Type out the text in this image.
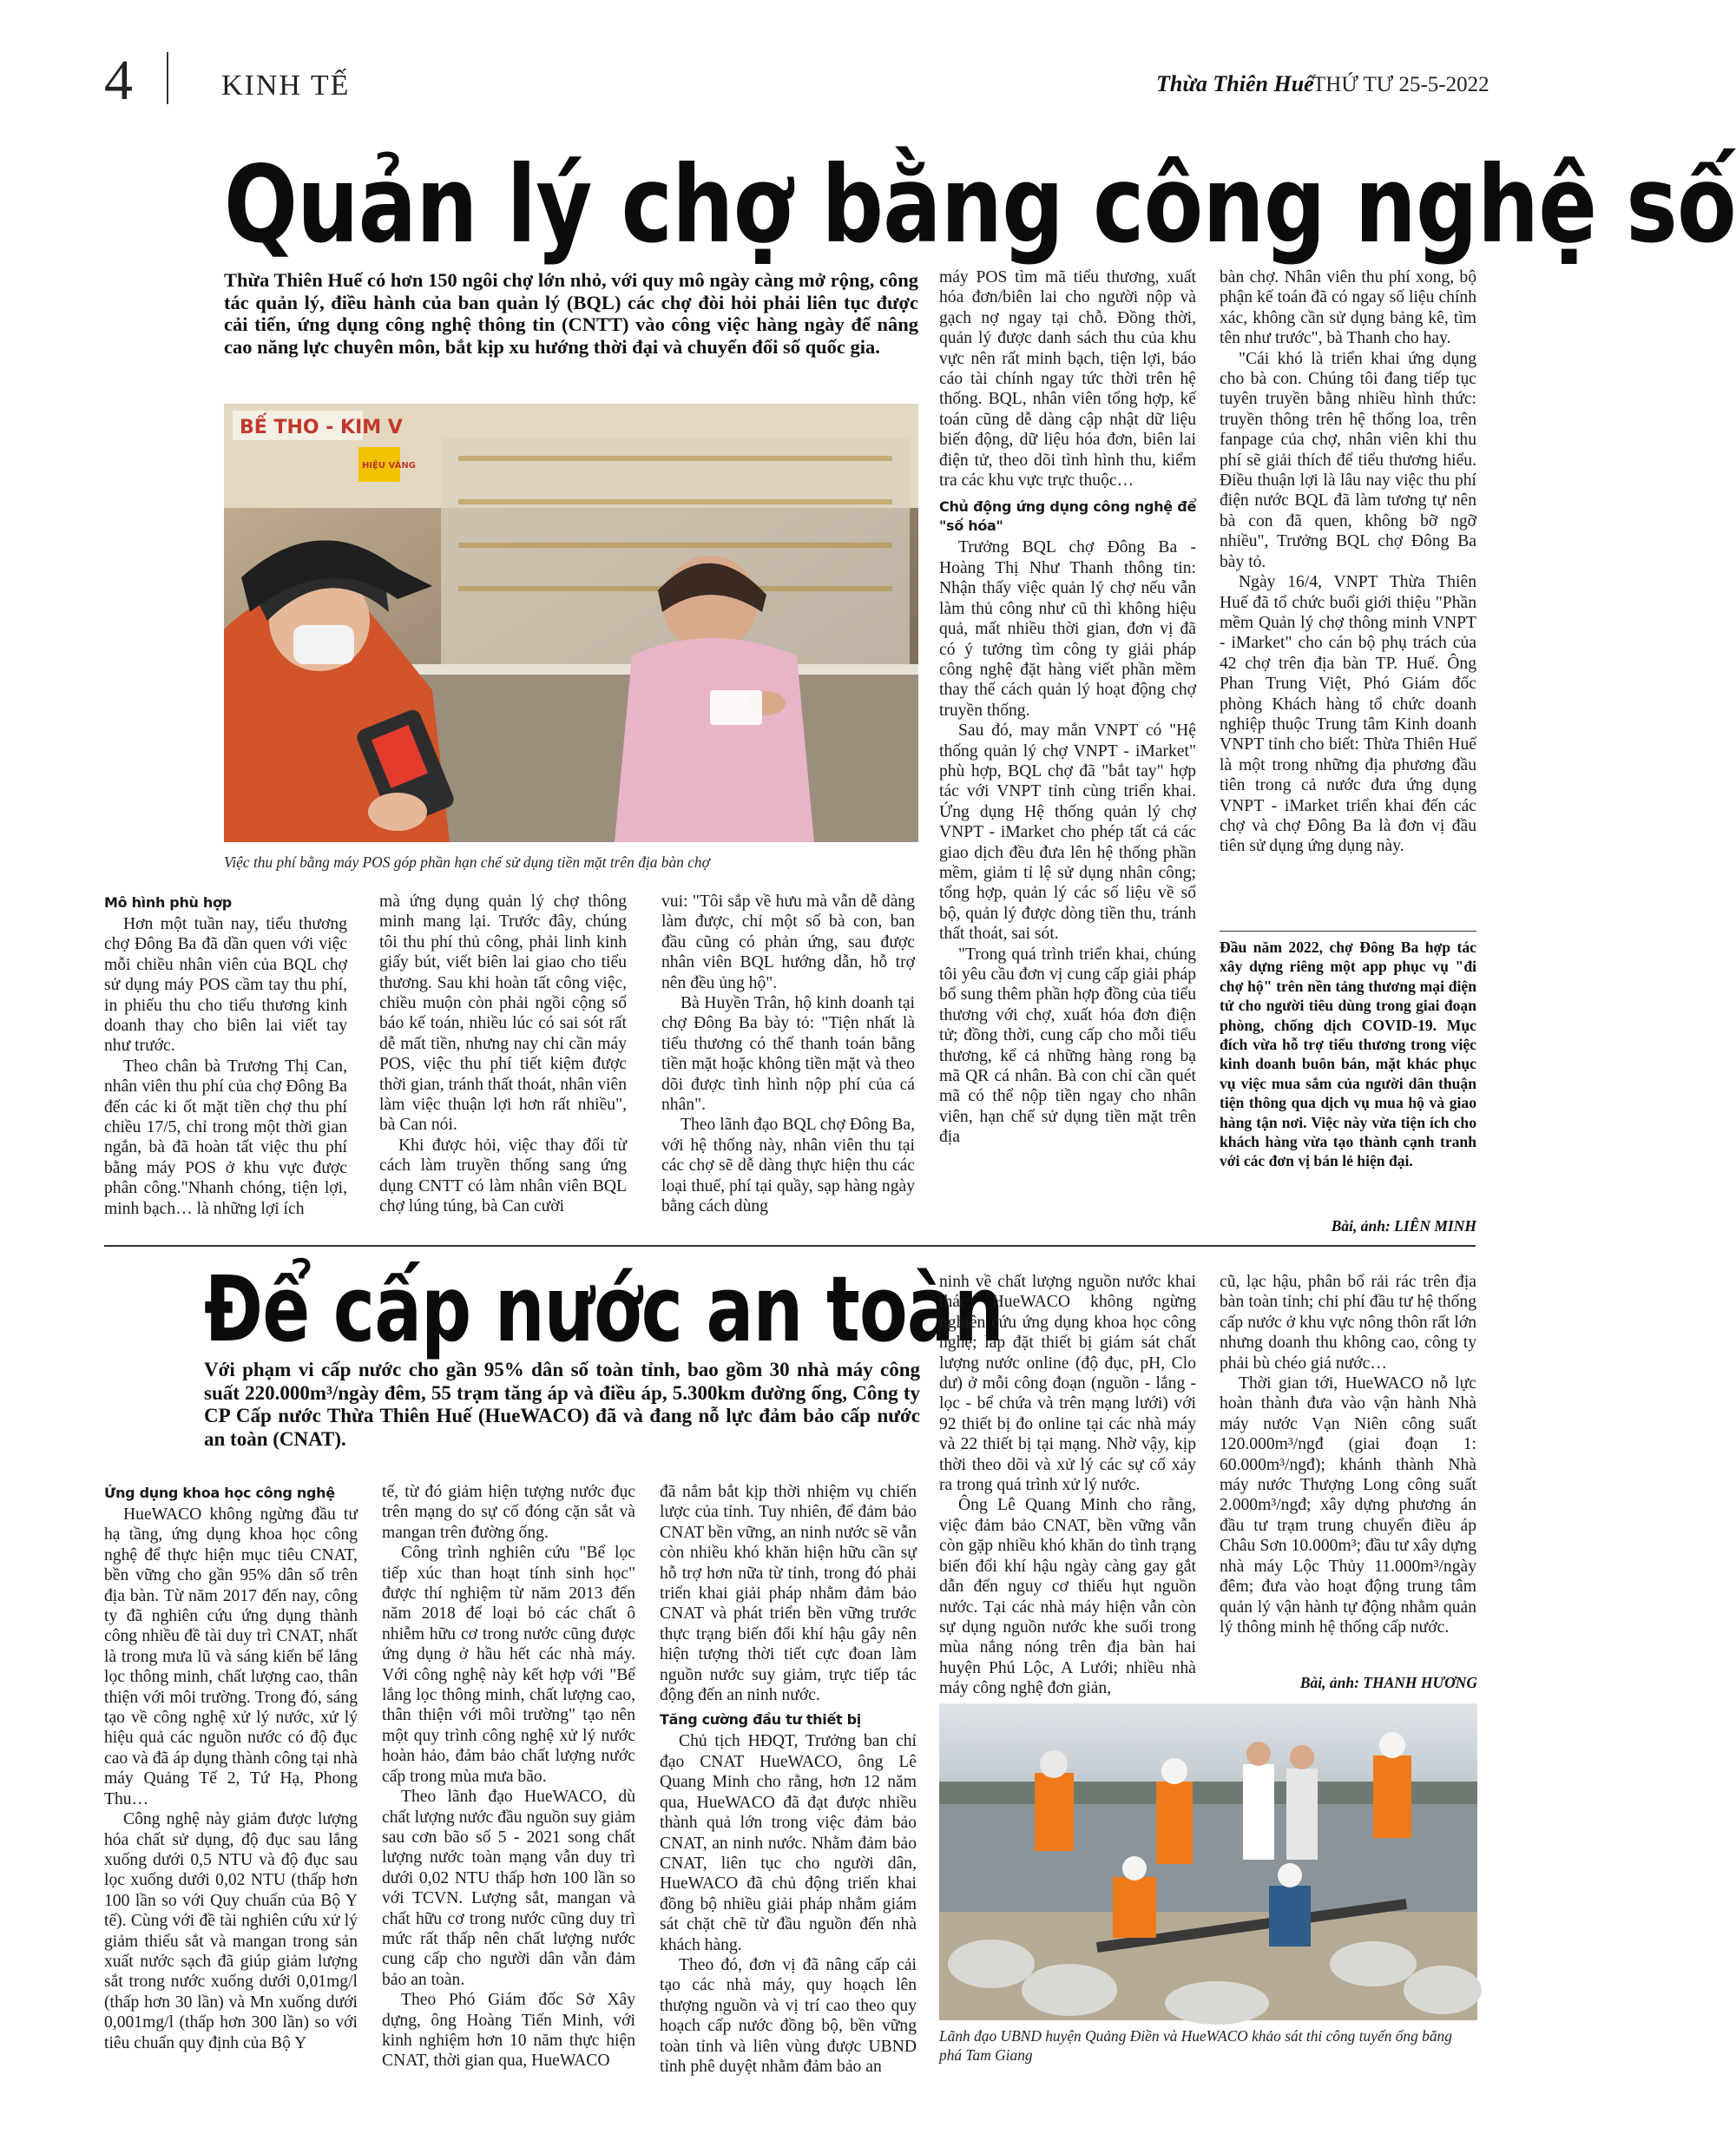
4	KINH TẾ	Thừa Thiên Huế
THỨ TƯ 25-5-2022
Quản lý chợ bằng công nghệ số
Thừa Thiên Huế có hơn 150 ngôi chợ lớn nhỏ, với quy mô ngày càng mở rộng, công tác quản lý, điều hành của ban quản lý (BQL) các chợ đòi hỏi phải liên tục được cải tiến, ứng dụng công nghệ thông tin (CNTT) vào công việc hàng ngày để nâng cao năng lực chuyên môn, bắt kịp xu hướng thời đại và chuyển đổi số quốc gia.
BẾ THO - KIM V
HIỆU VÀNG
Việc thu phí bằng máy POS góp phần hạn chế sử dụng tiền mặt trên địa bàn chợ

Mô hình phù hợp

Hơn một tuần nay, tiểu thương chợ Đông Ba đã dần quen với việc mỗi chiều nhân viên của BQL chợ sử dụng máy POS cầm tay thu phí, in phiếu thu cho tiểu thương kinh doanh thay cho biên lai viết tay như trước.

Theo chân bà Trương Thị Can, nhân viên thu phí của chợ Đông Ba đến các ki ốt mặt tiền chợ thu phí chiều 17/5, chỉ trong một thời gian ngắn, bà đã hoàn tất việc thu phí bằng máy POS ở khu vực được phân công."Nhanh chóng, tiện lợi, minh bạch… là những lợi ích

mà ứng dụng quản lý chợ thông minh mang lại. Trước đây, chúng tôi thu phí thủ công, phải linh kinh giấy bút, viết biên lai giao cho tiểu thương. Sau khi hoàn tất công việc, chiều muộn còn phải ngồi cộng sổ báo kế toán, nhiều lúc có sai sót rất dễ mất tiền, nhưng nay chỉ cần máy POS, việc thu phí tiết kiệm được thời gian, tránh thất thoát, nhân viên làm việc thuận lợi hơn rất nhiều", bà Can nói.

Khi được hỏi, việc thay đổi từ cách làm truyền thống sang ứng dụng CNTT có làm nhân viên BQL chợ lúng túng, bà Can cười

vui: "Tôi sắp về hưu mà vẫn dễ dàng làm được, chỉ một số bà con, ban đầu cũng có phản ứng, sau được nhân viên BQL hướng dẫn, hỗ trợ nên đều ủng hộ".

Bà Huyền Trân, hộ kinh doanh tại chợ Đông Ba bày tỏ: "Tiện nhất là tiểu thương có thể thanh toán bằng tiền mặt hoặc không tiền mặt và theo dõi được tình hình nộp phí của cá nhân".

Theo lãnh đạo BQL chợ Đông Ba, với hệ thống này, nhân viên thu tại các chợ sẽ dễ dàng thực hiện thu các loại thuế, phí tại quầy, sạp hàng ngày bằng cách dùng

máy POS tìm mã tiểu thương, xuất hóa đơn/biên lai cho người nộp và gạch nợ ngay tại chỗ. Đồng thời, quản lý được danh sách thu của khu vực nên rất minh bạch, tiện lợi, báo cáo tài chính ngay tức thời trên hệ thống. BQL, nhân viên tổng hợp, kế toán cũng dễ dàng cập nhật dữ liệu biến động, dữ liệu hóa đơn, biên lai điện tử, theo dõi tình hình thu, kiểm tra các khu vực trực thuộc…

Chủ động ứng dụng công nghệ để "số hóa"

Trưởng BQL chợ Đông Ba - Hoàng Thị Như Thanh thông tin: Nhận thấy việc quản lý chợ nếu vẫn làm thủ công như cũ thì không hiệu quả, mất nhiều thời gian, đơn vị đã có ý tưởng tìm công ty giải pháp công nghệ đặt hàng viết phần mềm thay thế cách quản lý hoạt động chợ truyền thống.

Sau đó, may mắn VNPT có "Hệ thống quản lý chợ VNPT - iMarket" phù hợp, BQL chợ đã "bắt tay" hợp tác với VNPT tỉnh cùng triển khai. Ứng dụng Hệ thống quản lý chợ VNPT - iMarket cho phép tất cả các giao dịch đều đưa lên hệ thống phần mềm, giảm tỉ lệ sử dụng nhân công; tổng hợp, quản lý các số liệu về sổ bộ, quản lý được dòng tiền thu, tránh thất thoát, sai sót.

"Trong quá trình triển khai, chúng tôi yêu cầu đơn vị cung cấp giải pháp bổ sung thêm phần hợp đồng của tiểu thương với chợ, xuất hóa đơn điện tử; đồng thời, cung cấp cho mỗi tiểu thương, kể cả những hàng rong bạ mã QR cá nhân. Bà con chỉ cần quét mã có thể nộp tiền ngay cho nhân viên, hạn chế sử dụng tiền mặt trên địa

bàn chợ. Nhân viên thu phí xong, bộ phận kế toán đã có ngay số liệu chính xác, không cần sử dụng bảng kê, tìm tên như trước", bà Thanh cho hay.

"Cái khó là triển khai ứng dụng cho bà con. Chúng tôi đang tiếp tục tuyên truyền bằng nhiều hình thức: truyền thông trên hệ thống loa, trên fanpage của chợ, nhân viên khi thu phí sẽ giải thích để tiểu thương hiểu. Điều thuận lợi là lâu nay việc thu phí điện nước BQL đã làm tương tự nên bà con đã quen, không bỡ ngỡ nhiều", Trưởng BQL chợ Đông Ba bày tỏ.

Ngày 16/4, VNPT Thừa Thiên Huế đã tổ chức buổi giới thiệu "Phần mềm Quản lý chợ thông minh VNPT - iMarket" cho cán bộ phụ trách của 42 chợ trên địa bàn TP. Huế. Ông Phan Trung Việt, Phó Giám đốc phòng Khách hàng tổ chức doanh nghiệp thuộc Trung tâm Kinh doanh VNPT tỉnh cho biết: Thừa Thiên Huế là một trong những địa phương đầu tiên trong cả nước đưa ứng dụng VNPT - iMarket triển khai đến các chợ và chợ Đông Ba là đơn vị đầu tiên sử dụng ứng dụng này.

Đầu năm 2022, chợ Đông Ba hợp tác xây dựng riêng một app phục vụ "đi chợ hộ" trên nền tảng thương mại điện tử cho người tiêu dùng trong giai đoạn phòng, chống dịch COVID-19. Mục đích vừa hỗ trợ tiểu thương trong việc kinh doanh buôn bán, mặt khác phục vụ việc mua sắm của người dân thuận tiện thông qua dịch vụ mua hộ và giao hàng tận nơi. Việc này vừa tiện ích cho khách hàng vừa tạo thành cạnh tranh với các đơn vị bán lẻ hiện đại.
Bài, ảnh: LIÊN MINH
Để cấp nước an toàn
Với phạm vi cấp nước cho gần 95% dân số toàn tỉnh, bao gồm 30 nhà máy công suất 220.000m³/ngày đêm, 55 trạm tăng áp và điều áp, 5.300km đường ống, Công ty CP Cấp nước Thừa Thiên Huế (HueWACO) đã và đang nỗ lực đảm bảo cấp nước an toàn (CNAT).

Ứng dụng khoa học công nghệ

HueWACO không ngừng đầu tư hạ tầng, ứng dụng khoa học công nghệ để thực hiện mục tiêu CNAT, bền vững cho gần 95% dân số trên địa bàn. Từ năm 2017 đến nay, công ty đã nghiên cứu ứng dụng thành công nhiều đề tài duy trì CNAT, nhất là trong mưa lũ và sáng kiến bể lắng lọc thông minh, chất lượng cao, thân thiện với môi trường. Trong đó, sáng tạo về công nghệ xử lý nước, xử lý hiệu quả các nguồn nước có độ đục cao và đã áp dụng thành công tại nhà máy Quảng Tế 2, Tứ Hạ, Phong Thu…

Công nghệ này giảm được lượng hóa chất sử dụng, độ đục sau lắng xuống dưới 0,5 NTU và độ đục sau lọc xuống dưới 0,02 NTU (thấp hơn 100 lần so với Quy chuẩn của Bộ Y tế). Cùng với đề tài nghiên cứu xử lý giảm thiểu sắt và mangan trong sản xuất nước sạch đã giúp giảm lượng sắt trong nước xuống dưới 0,01mg/l (thấp hơn 30 lần) và Mn xuống dưới 0,001mg/l (thấp hơn 300 lần) so với tiêu chuẩn quy định của Bộ Y

tế, từ đó giảm hiện tượng nước đục trên mạng do sự cố đóng cặn sắt và mangan trên đường ống.

Công trình nghiên cứu "Bể lọc tiếp xúc than hoạt tính sinh học" được thí nghiệm từ năm 2013 đến năm 2018 để loại bỏ các chất ô nhiễm hữu cơ trong nước cũng được ứng dụng ở hầu hết các nhà máy. Với công nghệ này kết hợp với "Bể lắng lọc thông minh, chất lượng cao, thân thiện với môi trường" tạo nên một quy trình công nghệ xử lý nước hoàn hảo, đảm bảo chất lượng nước cấp trong mùa mưa bão.

Theo lãnh đạo HueWACO, dù chất lượng nước đầu nguồn suy giảm sau cơn bão số 5 - 2021 song chất lượng nước toàn mạng vẫn duy trì dưới 0,02 NTU thấp hơn 100 lần so với TCVN. Lượng sắt, mangan và chất hữu cơ trong nước cũng duy trì mức rất thấp nên chất lượng nước cung cấp cho người dân vẫn đảm bảo an toàn.

Theo Phó Giám đốc Sở Xây dựng, ông Hoàng Tiến Minh, với kinh nghiệm hơn 10 năm thực hiện CNAT, thời gian qua, HueWACO

đã nắm bắt kịp thời nhiệm vụ chiến lược của tỉnh. Tuy nhiên, để đảm bảo CNAT bền vững, an ninh nước sẽ vẫn còn nhiều khó khăn hiện hữu cần sự hỗ trợ hơn nữa từ tỉnh, trong đó phải triển khai giải pháp nhằm đảm bảo CNAT và phát triển bền vững trước thực trạng biến đổi khí hậu gây nên hiện tượng thời tiết cực đoan làm nguồn nước suy giảm, trực tiếp tác động đến an ninh nước.

Tăng cường đầu tư thiết bị

Chủ tịch HĐQT, Trưởng ban chỉ đạo CNAT HueWACO, ông Lê Quang Minh cho rằng, hơn 12 năm qua, HueWACO đã đạt được nhiều thành quả lớn trong việc đảm bảo CNAT, an ninh nước. Nhằm đảm bảo CNAT, liên tục cho người dân, HueWACO đã chủ động triển khai đồng bộ nhiều giải pháp nhằm giám sát chặt chẽ từ đầu nguồn đến nhà khách hàng.

Theo đó, đơn vị đã nâng cấp cải tạo các nhà máy, quy hoạch lên thượng nguồn và vị trí cao theo quy hoạch cấp nước đồng bộ, bền vững toàn tỉnh và liên vùng được UBND tỉnh phê duyệt nhằm đảm bảo an

ninh về chất lượng nguồn nước khai thác. HueWACO không ngừng nghiên cứu ứng dụng khoa học công nghệ; lắp đặt thiết bị giám sát chất lượng nước online (độ đục, pH, Clo dư) ở mỗi công đoạn (nguồn - lắng - lọc - bể chứa và trên mạng lưới) với 92 thiết bị đo online tại các nhà máy và 22 thiết bị tại mạng. Nhờ vậy, kịp thời theo dõi và xử lý các sự cố xảy ra trong quá trình xử lý nước.

Ông Lê Quang Minh cho rằng, việc đảm bảo CNAT, bền vững vẫn còn gặp nhiều khó khăn do tình trạng biến đổi khí hậu ngày càng gay gắt dẫn đến nguy cơ thiếu hụt nguồn nước. Tại các nhà máy hiện vẫn còn sự dụng nguồn nước khe suối trong mùa nắng nóng trên địa bàn hai huyện Phú Lộc, A Lưới; nhiều nhà máy công nghệ đơn giản,

cũ, lạc hậu, phân bố rải rác trên địa bàn toàn tỉnh; chi phí đầu tư hệ thống cấp nước ở khu vực nông thôn rất lớn nhưng doanh thu không cao, công ty phải bù chéo giá nước…

Thời gian tới, HueWACO nỗ lực hoàn thành đưa vào vận hành Nhà máy nước Vạn Niên công suất 120.000m³/ngđ (giai đoạn 1: 60.000m³/ngđ); khánh thành Nhà máy nước Thượng Long công suất 2.000m³/ngđ; xây dựng phương án đầu tư trạm trung chuyển điều áp Châu Sơn 10.000m³; đầu tư xây dựng nhà máy Lộc Thủy 11.000m³/ngày đêm; đưa vào hoạt động trung tâm quản lý vận hành tự động nhằm quản lý thông minh hệ thống cấp nước.

Bài, ảnh: THANH HƯƠNG
Lãnh đạo UBND huyện Quảng Điền và HueWACO khảo sát thi công tuyến ống băng phá Tam Giang
